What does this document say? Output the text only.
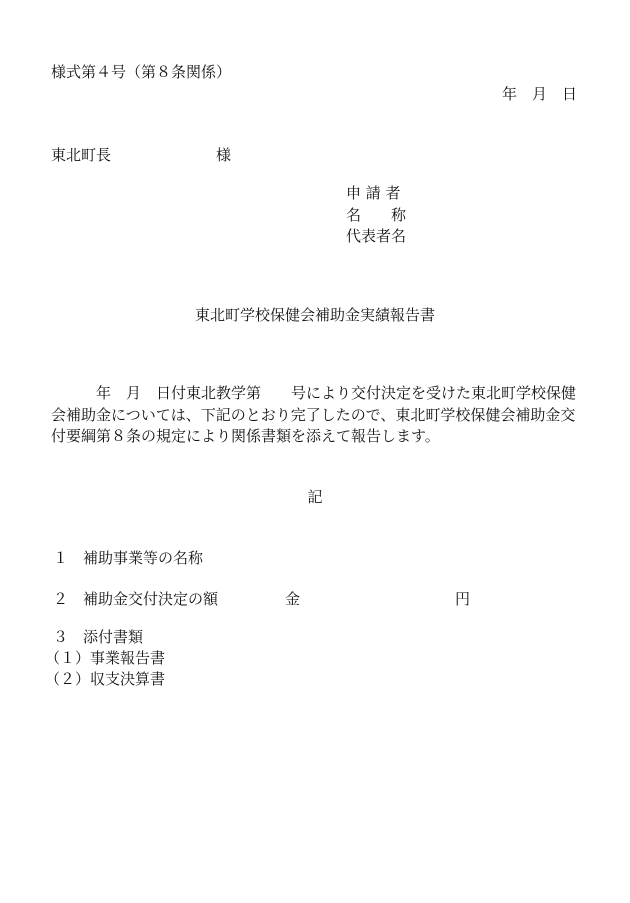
様式第４号（第８条関係）
年　月　日
東北町長　　　　　　　様
申 請 者
名　　称
代表者名
東北町学校保健会補助金実績報告書
年　月　日付東北教学第　　号により交付決定を受けた東北町学校保健会補助金については、下記のとおり完了したので、東北町学校保健会補助金交付要綱第８条の規定により関係書類を添えて報告します。
記
１　補助事業等の名称
２　補助金交付決定の額	金	円
３　添付書類
（１）事業報告書
（２）収支決算書
